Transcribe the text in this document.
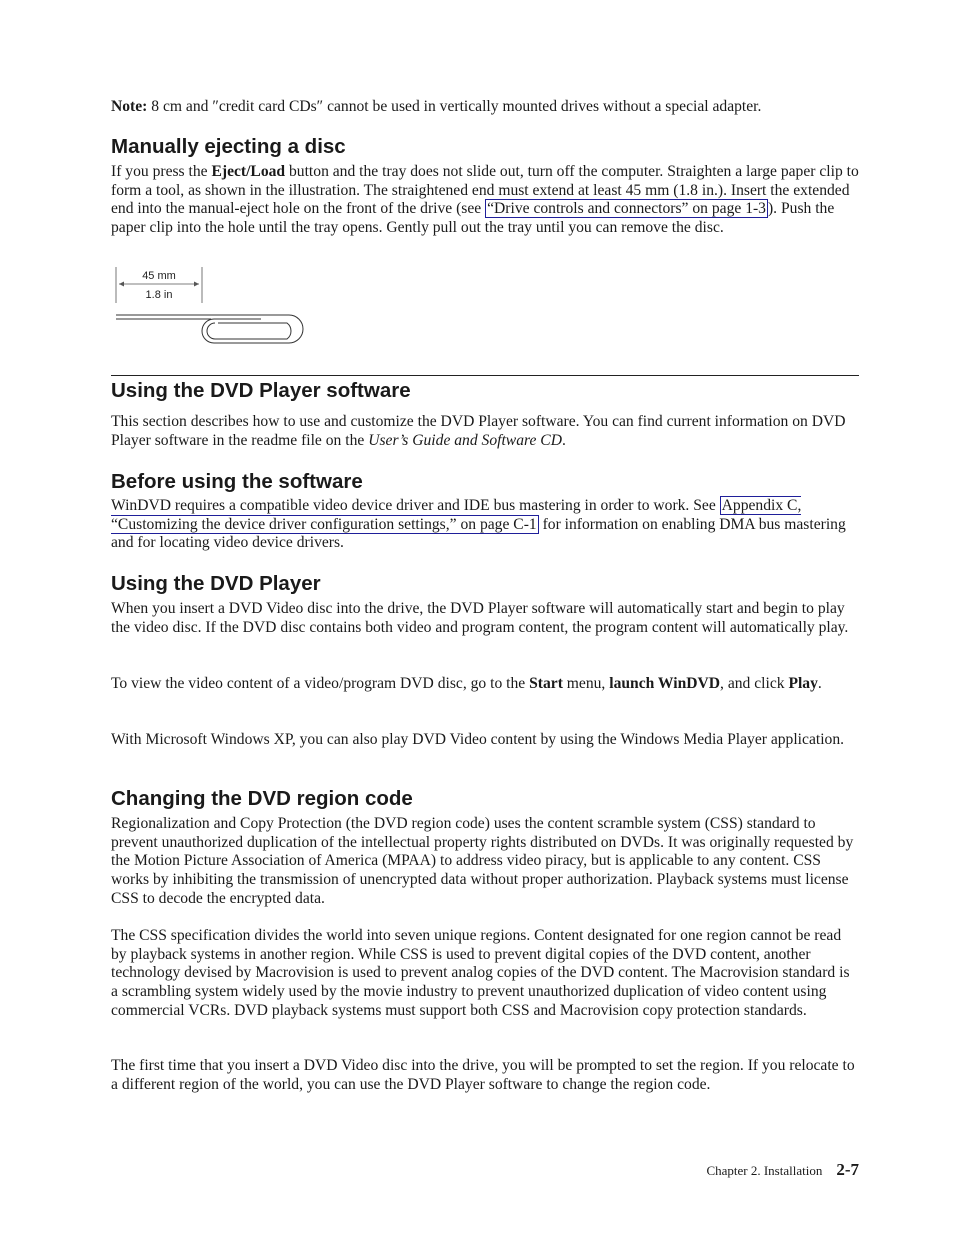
Note: 8 cm and ″credit card CDs″ cannot be used in vertically mounted drives without a special adapter.

Manually ejecting a disc

If you press the Eject/Load button and the tray does not slide out, turn off the computer. Straighten a large paper clip to form a tool, as shown in the illustration. The straightened end must extend at least 45 mm (1.8 in.). Insert the extended end into the manual-eject hole on the front of the drive (see “Drive controls and connectors” on page 1-3 ). Push the paper clip into the hole until the tray opens. Gently pull out the tray until you can remove the disc.

45 mm
1.8 in
Using the DVD Player software

This section describes how to use and customize the DVD Player software. You can find current information on DVD Player software in the readme file on the User’s Guide and Software CD.

Before using the software

WinDVD requires a compatible video device driver and IDE bus mastering in order to work. See Appendix C, “Customizing the device driver configuration settings,” on page C-1 for information on enabling DMA bus mastering and for locating video device drivers.

Using the DVD Player

When you insert a DVD Video disc into the drive, the DVD Player software will automatically start and begin to play the video disc. If the DVD disc contains both video and program content, the program content will automatically play.

To view the video content of a video/program DVD disc, go to the Start menu, launch WinDVD, and click Play.

With Microsoft Windows XP, you can also play DVD Video content by using the Windows Media Player application.

Changing the DVD region code

Regionalization and Copy Protection (the DVD region code) uses the content scramble system (CSS) standard to prevent unauthorized duplication of the intellectual property rights distributed on DVDs. It was originally requested by the Motion Picture Association of America (MPAA) to address video piracy, but is applicable to any content. CSS works by inhibiting the transmission of unencrypted data without proper authorization. Playback systems must license CSS to decode the encrypted data.

The CSS specification divides the world into seven unique regions. Content designated for one region cannot be read by playback systems in another region. While CSS is used to prevent digital copies of the DVD content, another technology devised by Macrovision is used to prevent analog copies of the DVD content. The Macrovision standard is a scrambling system widely used by the movie industry to prevent unauthorized duplication of video content using commercial VCRs. DVD playback systems must support both CSS and Macrovision copy protection standards.

The first time that you insert a DVD Video disc into the drive, you will be prompted to set the region. If you relocate to a different region of the world, you can use the DVD Player software to change the region code.

Chapter 2. Installation 2-7
